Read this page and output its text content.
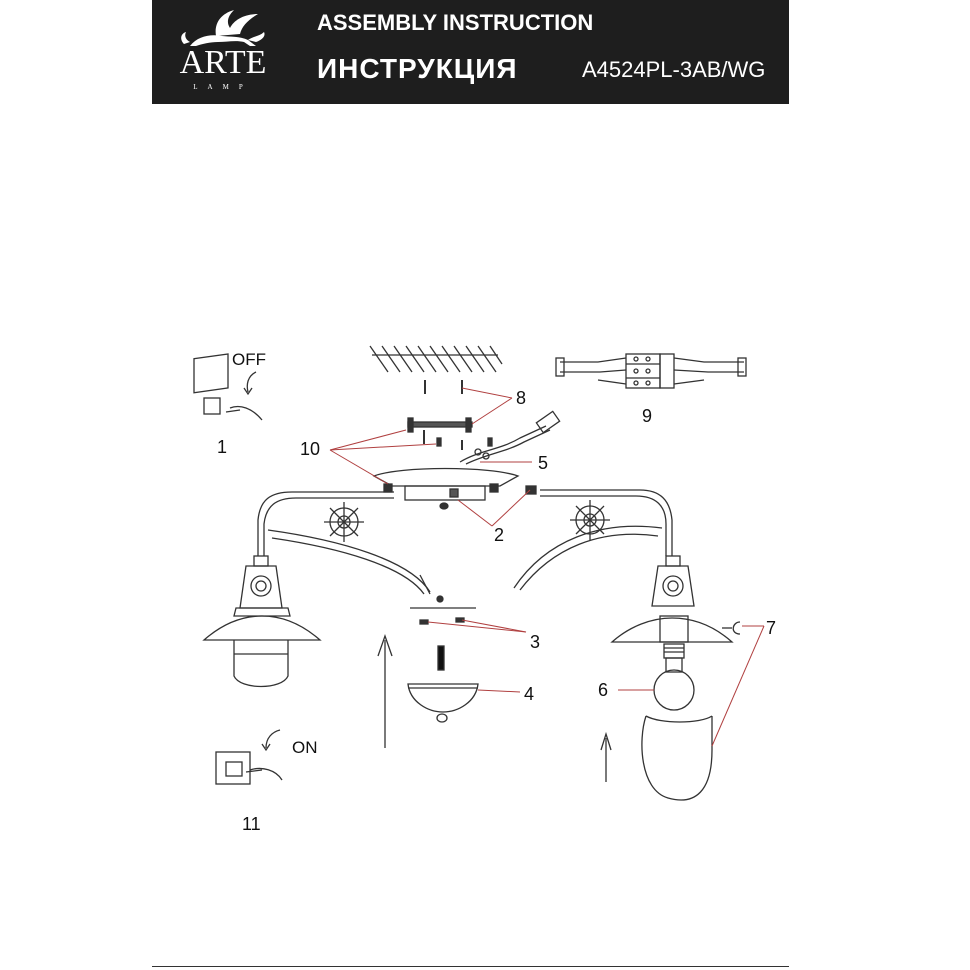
ARTE
LAMP
ASSEMBLY INSTRUCTION
ИНСТРУКЦИЯ	A4524PL-3AB/WG
OFF
ON
1
2
3
4
5
6
7
8
9
10
11
